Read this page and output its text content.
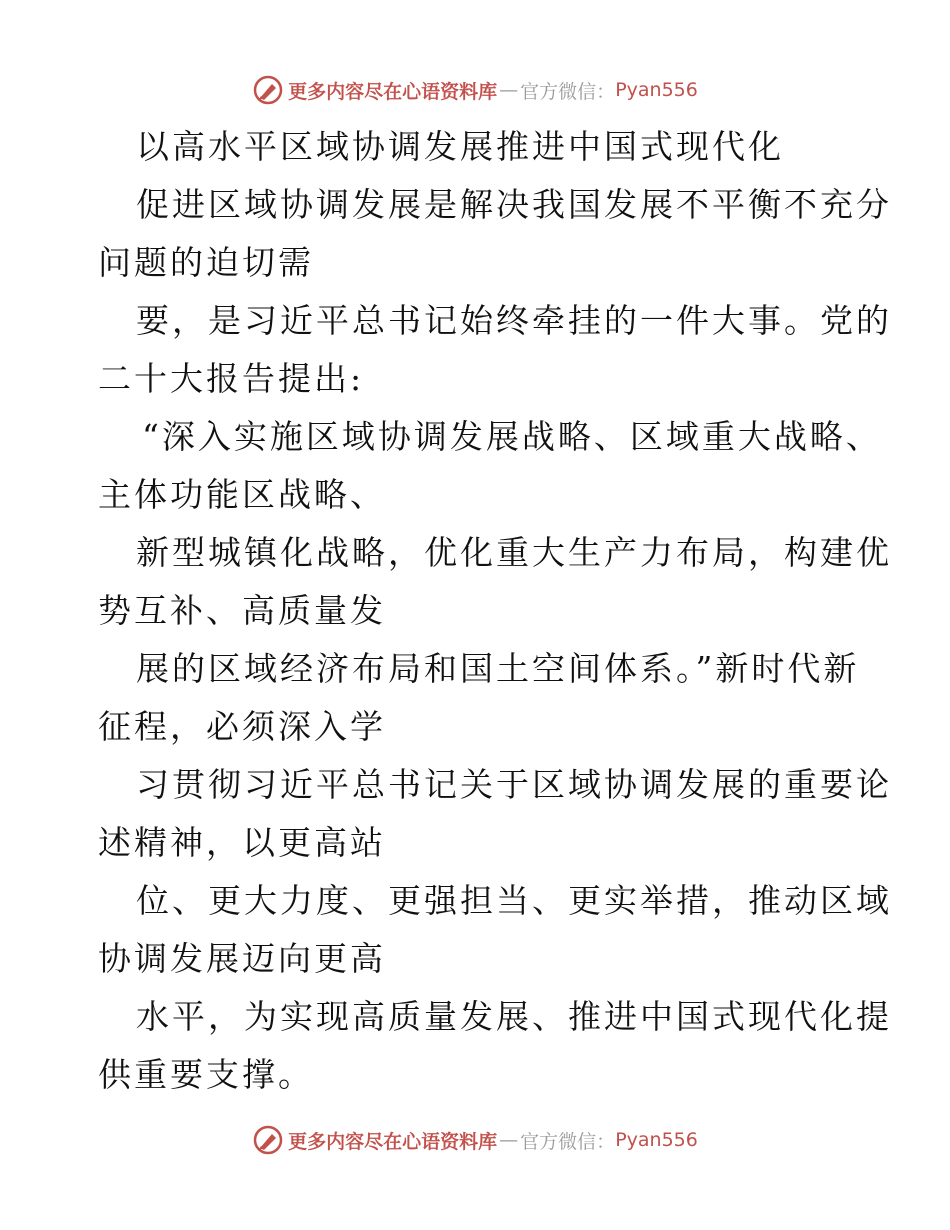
更多内容尽在心语资料库 — 官方微信： Pyan556
以高水平区域协调发展推进中国式现代化
促进区域协调发展是解决我国发展不平衡不充分
问题的迫切需
要，是习近平总书记始终牵挂的一件大事。党的
二十大报告提出:
“深入实施区域协调发展战略、区域重大战略、
主体功能区战略、
新型城镇化战略，优化重大生产力布局，构建优
势互补、高质量发
展的区域经济布局和国土空间体系。”新时代新
征程，必须深入学
习贯彻习近平总书记关于区域协调发展的重要论
述精神，以更高站
位、更大力度、更强担当、更实举措，推动区域
协调发展迈向更高
水平，为实现高质量发展、推进中国式现代化提
供重要支撑。
更多内容尽在心语资料库 — 官方微信： Pyan556
